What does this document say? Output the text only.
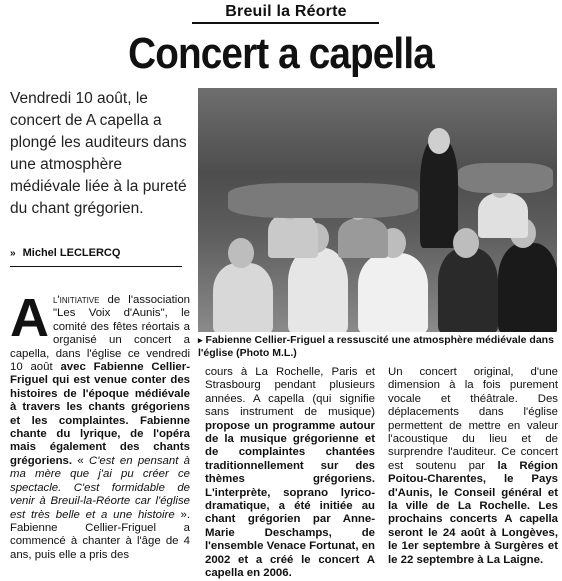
Breuil la Réorte
Concert a capella
Vendredi 10 août, le concert de A capella a plongé les auditeurs dans une atmosphère médiévale liée à la pureté du chant grégorien.
» Michel LECLERCQ
▸ Fabienne Cellier-Friguel a ressuscité une atmosphère médiévale dans l'église (Photo M.L.)
A l'initiative de l'association "Les Voix d'Aunis", le comité des fêtes réortais a organisé un concert a capella, dans l'église ce vendredi 10 août avec Fabienne Cellier-Friguel qui est venue conter des histoires de l'époque médiévale à travers les chants grégoriens et les complaintes. Fabienne chante du lyrique, de l'opéra mais également des chants grégoriens. « C'est en pensant à ma mère que j'ai pu créer ce spectacle. C'est formidable de venir à Breuil-la-Réorte car l'église est très belle et a une histoire ». Fabienne Cellier-Friguel a commencé à chanter à l'âge de 4 ans, puis elle a pris des
cours à La Rochelle, Paris et Strasbourg pendant plusieurs années. A capella (qui signifie sans instrument de musique) propose un programme autour de la musique grégorienne et de complaintes chantées traditionnellement sur des thèmes grégoriens. L'interprète, soprano lyrico-dramatique, a été initiée au chant grégorien par Anne-Marie Deschamps, de l'ensemble Venace Fortunat, en 2002 et a créé le concert A capella en 2006.
Un concert original, d'une dimension à la fois purement vocale et théâtrale. Des déplacements dans l'église permettent de mettre en valeur l'acoustique du lieu et de surprendre l'auditeur. Ce concert est soutenu par la Région Poitou-Charentes, le Pays d'Aunis, le Conseil général et la ville de La Rochelle. Les prochains concerts A capella seront le 24 août à Longèves, le 1er septembre à Surgères et le 22 septembre à La Laigne.
